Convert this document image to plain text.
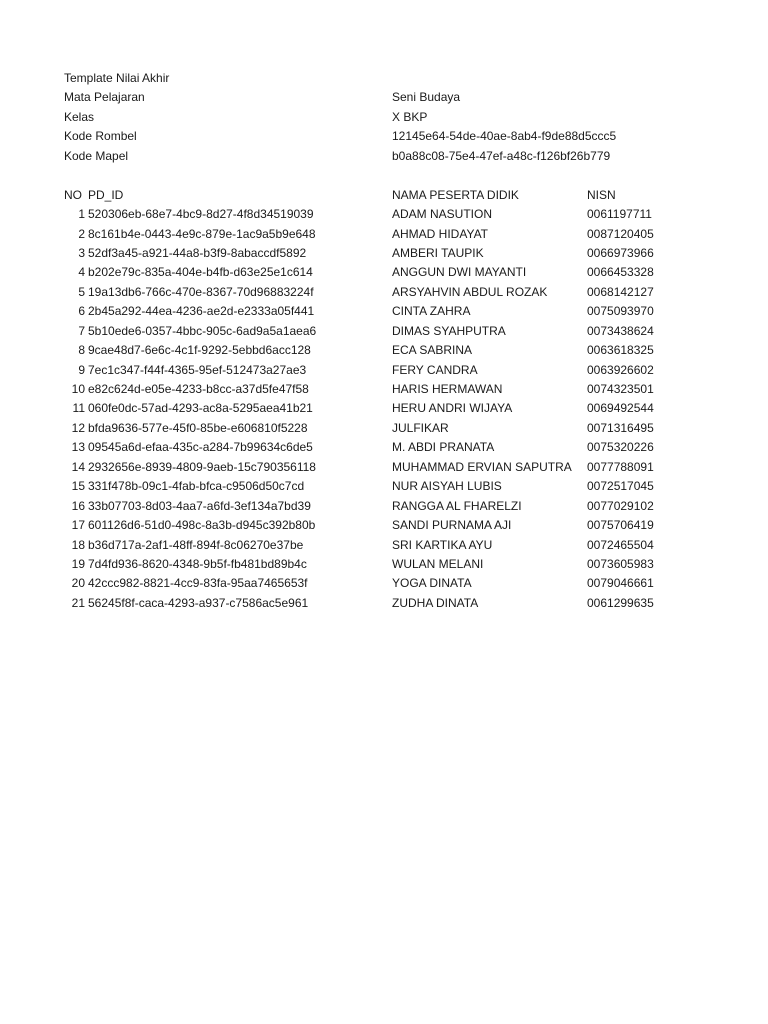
Template Nilai Akhir
Mata Pelajaran	Seni Budaya
Kelas	X BKP
Kode Rombel	12145e64-54de-40ae-8ab4-f9de88d5ccc5
Kode Mapel	b0a88c08-75e4-47ef-a48c-f126bf26b779
NO PD_ID	NAMA PESERTA DIDIK	NISN
1 520306eb-68e7-4bc9-8d27-4f8d34519039	ADAM NASUTION	0061197711
2 8c161b4e-0443-4e9c-879e-1ac9a5b9e648	AHMAD HIDAYAT	0087120405
3 52df3a45-a921-44a8-b3f9-8abaccdf5892	AMBERI TAUPIK	0066973966
4 b202e79c-835a-404e-b4fb-d63e25e1c614	ANGGUN DWI MAYANTI	0066453328
5 19a13db6-766c-470e-8367-70d96883224f	ARSYAHVIN ABDUL ROZAK	0068142127
6 2b45a292-44ea-4236-ae2d-e2333a05f441	CINTA ZAHRA	0075093970
7 5b10ede6-0357-4bbc-905c-6ad9a5a1aea6	DIMAS SYAHPUTRA	0073438624
8 9cae48d7-6e6c-4c1f-9292-5ebbd6acc128	ECA SABRINA	0063618325
9 7ec1c347-f44f-4365-95ef-512473a27ae3	FERY CANDRA	0063926602
10 e82c624d-e05e-4233-b8cc-a37d5fe47f58	HARIS HERMAWAN	0074323501
11 060fe0dc-57ad-4293-ac8a-5295aea41b21	HERU ANDRI WIJAYA	0069492544
12 bfda9636-577e-45f0-85be-e606810f5228	JULFIKAR	0071316495
13 09545a6d-efaa-435c-a284-7b99634c6de5	M. ABDI PRANATA	0075320226
14 2932656e-8939-4809-9aeb-15c790356118	MUHAMMAD ERVIAN SAPUTRA 0077788091
15 331f478b-09c1-4fab-bfca-c9506d50c7cd	NUR AISYAH LUBIS	0072517045
16 33b07703-8d03-4aa7-a6fd-3ef134a7bd39	RANGGA AL FHARELZI	0077029102
17 601126d6-51d0-498c-8a3b-d945c392b80b	SANDI PURNAMA AJI	0075706419
18 b36d717a-2af1-48ff-894f-8c06270e37be	SRI KARTIKA AYU	0072465504
19 7d4fd936-8620-4348-9b5f-fb481bd89b4c	WULAN MELANI	0073605983
20 42ccc982-8821-4cc9-83fa-95aa7465653f	YOGA DINATA	0079046661
21 56245f8f-caca-4293-a937-c7586ac5e961	ZUDHA DINATA	0061299635
